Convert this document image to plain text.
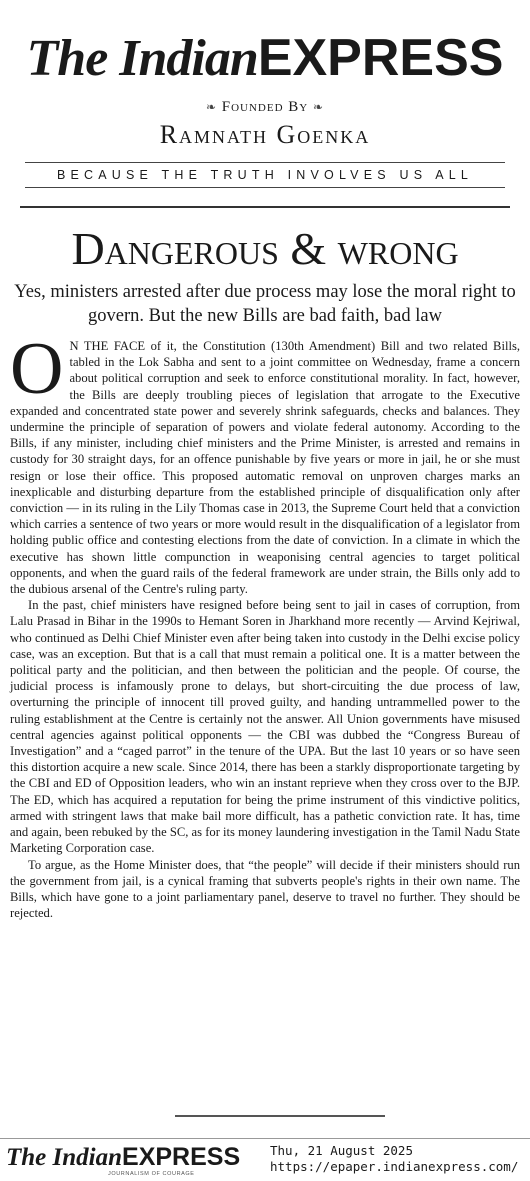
The IndianEXPRESS
❧ Founded By ❧
Ramnath Goenka
BECAUSE THE TRUTH INVOLVES US ALL
Dangerous & wrong
Yes, ministers arrested after due process may lose the moral right to govern. But the new Bills are bad faith, bad law

O N THE FACE of it, the Constitution (130th Amendment) Bill and two related Bills, tabled in the Lok Sabha and sent to a joint committee on Wednesday, frame a concern about political corruption and seek to enforce constitutional morality. In fact, however, the Bills are deeply troubling pieces of legislation that arrogate to the Executive expanded and concentrated state power and severely shrink safeguards, checks and balances. They undermine the principle of separation of powers and violate federal autonomy. According to the Bills, if any minister, including chief ministers and the Prime Minister, is arrested and remains in custody for 30 straight days, for an offence punishable by five years or more in jail, he or she must resign or lose their office. This proposed automatic removal on unproven charges marks an inexplicable and disturbing departure from the established principle of disqualification only after conviction — in its ruling in the Lily Thomas case in 2013, the Supreme Court held that a conviction which carries a sentence of two years or more would result in the disqualification of a legislator from holding public office and contesting elections from the date of conviction. In a climate in which the executive has shown little compunction in weaponising central agencies to target political opponents, and when the guard rails of the federal framework are under strain, the Bills only add to the dubious arsenal of the Centre's ruling party.

In the past, chief ministers have resigned before being sent to jail in cases of corruption, from Lalu Prasad in Bihar in the 1990s to Hemant Soren in Jharkhand more recently — Arvind Kejriwal, who continued as Delhi Chief Minister even after being taken into custody in the Delhi excise policy case, was an exception. But that is a call that must remain a political one. It is a matter between the political party and the politician, and then between the politician and the people. Of course, the judicial process is infamously prone to delays, but short-circuiting the due process of law, overturning the principle of innocent till proved guilty, and handing untrammelled power to the ruling establishment at the Centre is certainly not the answer. All Union governments have misused central agencies against political opponents — the CBI was dubbed the “Congress Bureau of Investigation” and a “caged parrot” in the tenure of the UPA. But the last 10 years or so have seen this distortion acquire a new scale. Since 2014, there has been a starkly disproportionate targeting by the CBI and ED of Opposition leaders, who win an instant reprieve when they cross over to the BJP. The ED, which has acquired a reputation for being the prime instrument of this vindictive politics, armed with stringent laws that make bail more difficult, has a pathetic conviction rate. It has, time and again, been rebuked by the SC, as for its money laundering investigation in the Tamil Nadu State Marketing Corporation case.

To argue, as the Home Minister does, that “the people” will decide if their ministers should run the government from jail, is a cynical framing that subverts people's rights in their own name. The Bills, which have gone to a joint parliamentary panel, deserve to travel no further. They should be rejected.

The IndianEXPRESS
JOURNALISM OF COURAGE
Thu, 21 August 2025
https://epaper.indianexpress.com/
